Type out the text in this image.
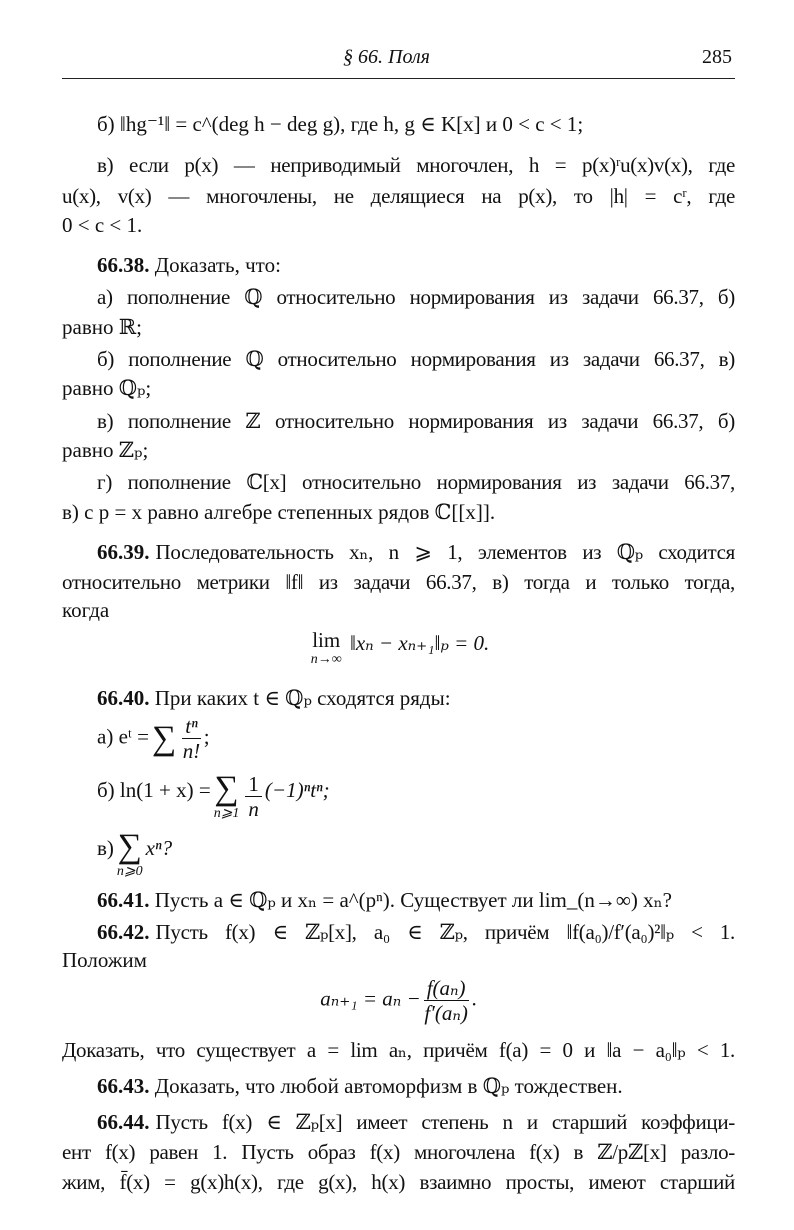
§ 66. Поля	285
б) ‖hg⁻¹‖ = c^(deg h − deg g), где h, g ∈ K[x] и 0 < c < 1;
в) если p(x) — неприводимый многочлен, h = p(x)ʳu(x)v(x), где
u(x), v(x) — многочлены, не делящиеся на p(x), то |h| = cʳ, где
0 < c < 1.
66.38. Доказать, что:
а) пополнение ℚ относительно нормирования из задачи 66.37, б)
равно ℝ;
б) пополнение ℚ относительно нормирования из задачи 66.37, в)
равно ℚₚ;
в) пополнение ℤ относительно нормирования из задачи 66.37, б)
равно ℤₚ;
г) пополнение ℂ[x] относительно нормирования из задачи 66.37,
в) с p = x равно алгебре степенных рядов ℂ[[x]].
66.39. Последовательность xₙ, n ⩾ 1, элементов из ℚₚ сходится
относительно метрики ‖f‖ из задачи 66.37, в) тогда и только тогда,
когда
lim
n→∞
‖xₙ − xₙ₊₁‖ₚ = 0.
66.40. При каких t ∈ ℚₚ сходятся ряды:
а) eᵗ = ∑ $\frac{\text{tⁿ}}{n!}$ ;
б) ln(1 + x) = ∑
n⩾1 $\frac{1}{n} (-1)^nt^n$;
в) ∑
n⩾0
xⁿ?
66.41. Пусть a ∈ ℚₚ и xₙ = a^(pⁿ). Существует ли lim_(n→∞) xₙ?
66.42. Пусть f(x) ∈ ℤₚ[x], a₀ ∈ ℤₚ, причём ‖f(a₀)/f′(a₀)²‖ₚ < 1.
Положим
$a_{n+1} = a_n - \frac{\text{f(aₙ)}}{\text{f′(aₙ)}}$ .
Доказать, что существует a = lim aₙ, причём f(a) = 0 и ‖a − a₀‖ₚ < 1.
66.43. Доказать, что любой автоморфизм в ℚₚ тождествен.
66.44. Пусть f(x) ∈ ℤₚ[x] имеет степень n и старший коэффици-
ент f(x) равен 1. Пусть образ f(x) многочлена f(x) в ℤ/pℤ[x] разло-
жим, f̄(x) = g(x)h(x), где g(x), h(x) взаимно просты, имеют старший
